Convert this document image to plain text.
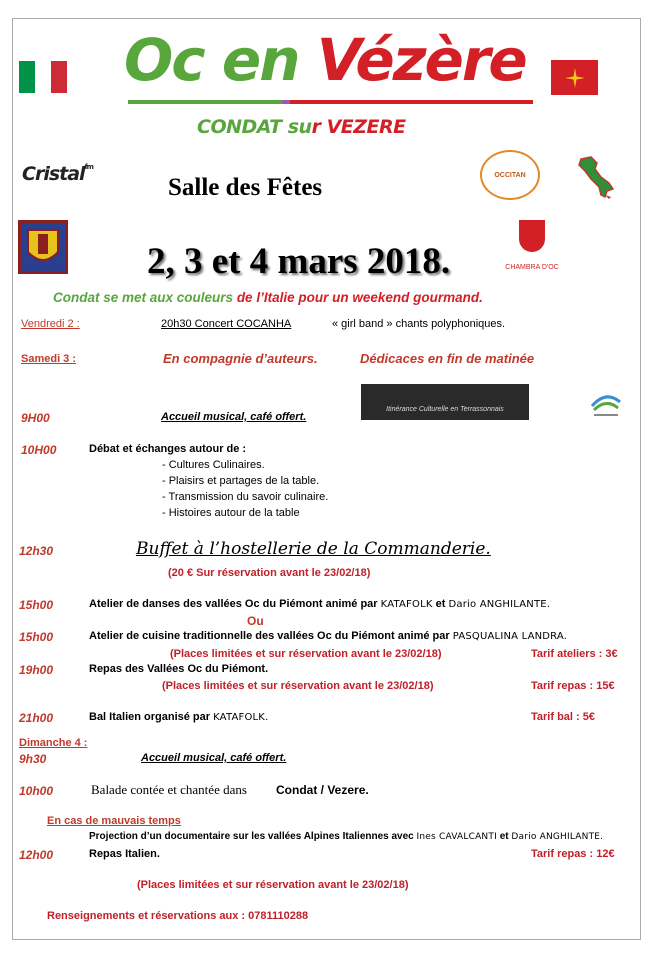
Oc en Vézère
CONDAT sur VEZERE
Cristal$^{fm}$
OCCITAN
CHAMBRA D'OC
Salle des Fêtes
2, 3 et 4 mars 2018.
Condat se met aux couleurs de l’Italie pour un weekend gourmand.
Vendredi 2 :	20h30 Concert COCANHA	« girl band » chants polyphoniques.
Samedi 3 :	En compagnie d’auteurs.	Dédicaces en fin de matinée
Itinérance Culturelle en Terrassonnais
9H00	Accueil musical, café offert.
10H00	Débat et échanges autour de :
- Cultures Culinaires.
- Plaisirs et partages de la table.
- Transmission du savoir culinaire.
- Histoires autour de la table
12h30	Buffet à l’hostellerie de la Commanderie.
(20 € Sur réservation avant le 23/02/18)
15h00	Atelier de danses des vallées Oc du Piémont animé par KATAFOLK et Dario ANGHILANTE.
Ou
15h00	Atelier de cuisine traditionnelle des vallées Oc du Piémont animé par PASQUALINA LANDRA.
(Places limitées et sur réservation avant le 23/02/18)	Tarif ateliers : 3€
19h00	Repas des Vallées Oc du Piémont.
(Places limitées et sur réservation avant le 23/02/18)	Tarif repas : 15€
21h00	Bal Italien organisé par KATAFOLK.	Tarif bal : 5€
Dimanche 4 :
9h30	Accueil musical, café offert.
10h00	Balade contée et chantée dans Condat / Vezere.
En cas de mauvais temps
Projection d’un documentaire sur les vallées Alpines Italiennes avec Ines CAVALCANTI et Dario ANGHILANTE.
12h00	Repas Italien.	Tarif repas : 12€
(Places limitées et sur réservation avant le 23/02/18)
Renseignements et réservations aux : 0781110288
